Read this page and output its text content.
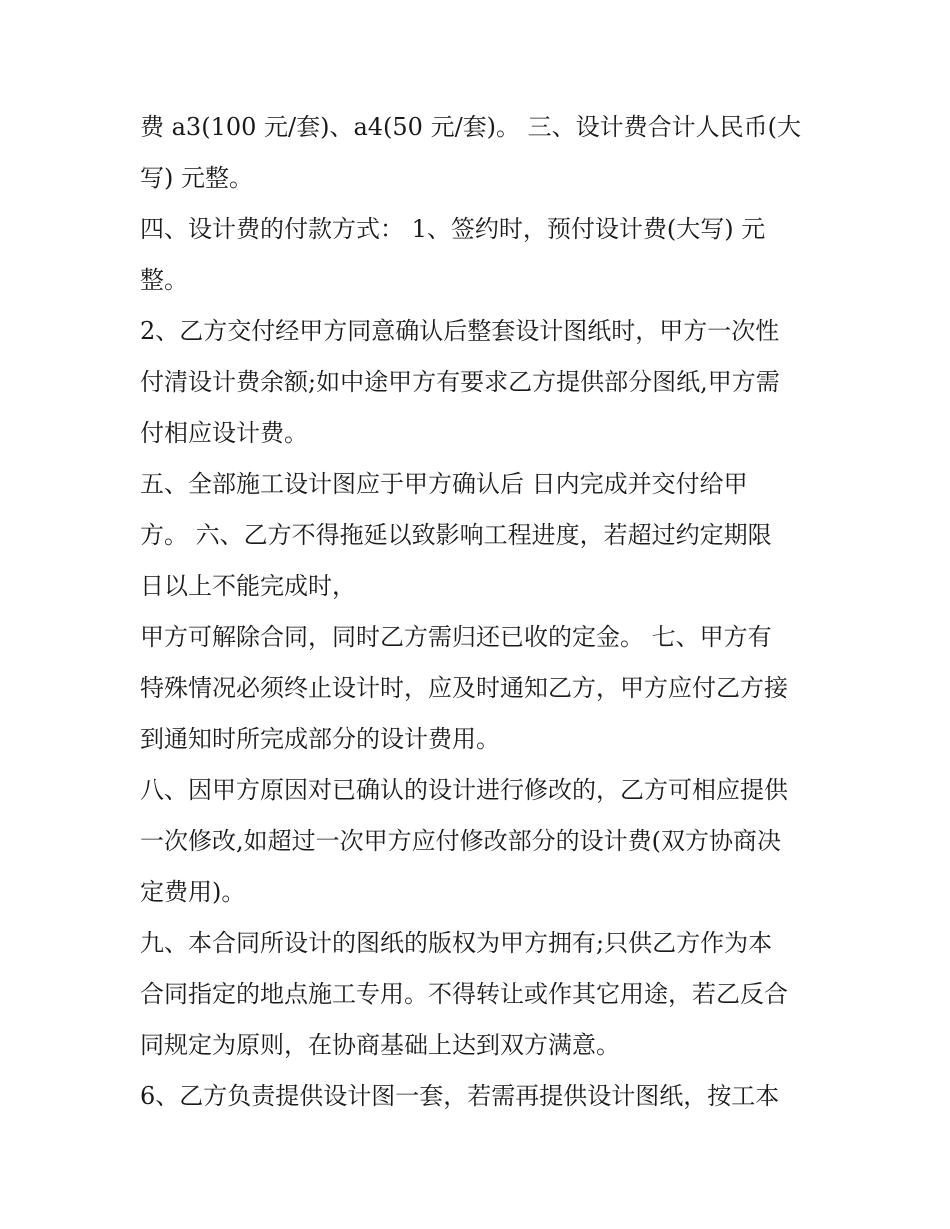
费 a3(100 元/套)、a4(50 元/套)。 三、设计费合计人民币(大
写) 元整。
四、设计费的付款方式： 1、签约时，预付设计费(大写) 元
整。
2、乙方交付经甲方同意确认后整套设计图纸时，甲方一次性
付清设计费余额;如中途甲方有要求乙方提供部分图纸,甲方需
付相应设计费。
五、全部施工设计图应于甲方确认后 日内完成并交付给甲
方。 六、乙方不得拖延以致影响工程进度，若超过约定期限
日以上不能完成时，
甲方可解除合同，同时乙方需归还已收的定金。 七、甲方有
特殊情况必须终止设计时，应及时通知乙方，甲方应付乙方接
到通知时所完成部分的设计费用。
八、因甲方原因对已确认的设计进行修改的，乙方可相应提供
一次修改,如超过一次甲方应付修改部分的设计费(双方协商决
定费用)。
九、本合同所设计的图纸的版权为甲方拥有;只供乙方作为本
合同指定的地点施工专用。不得转让或作其它用途，若乙反合
同规定为原则，在协商基础上达到双方满意。
6、乙方负责提供设计图一套，若需再提供设计图纸，按工本
